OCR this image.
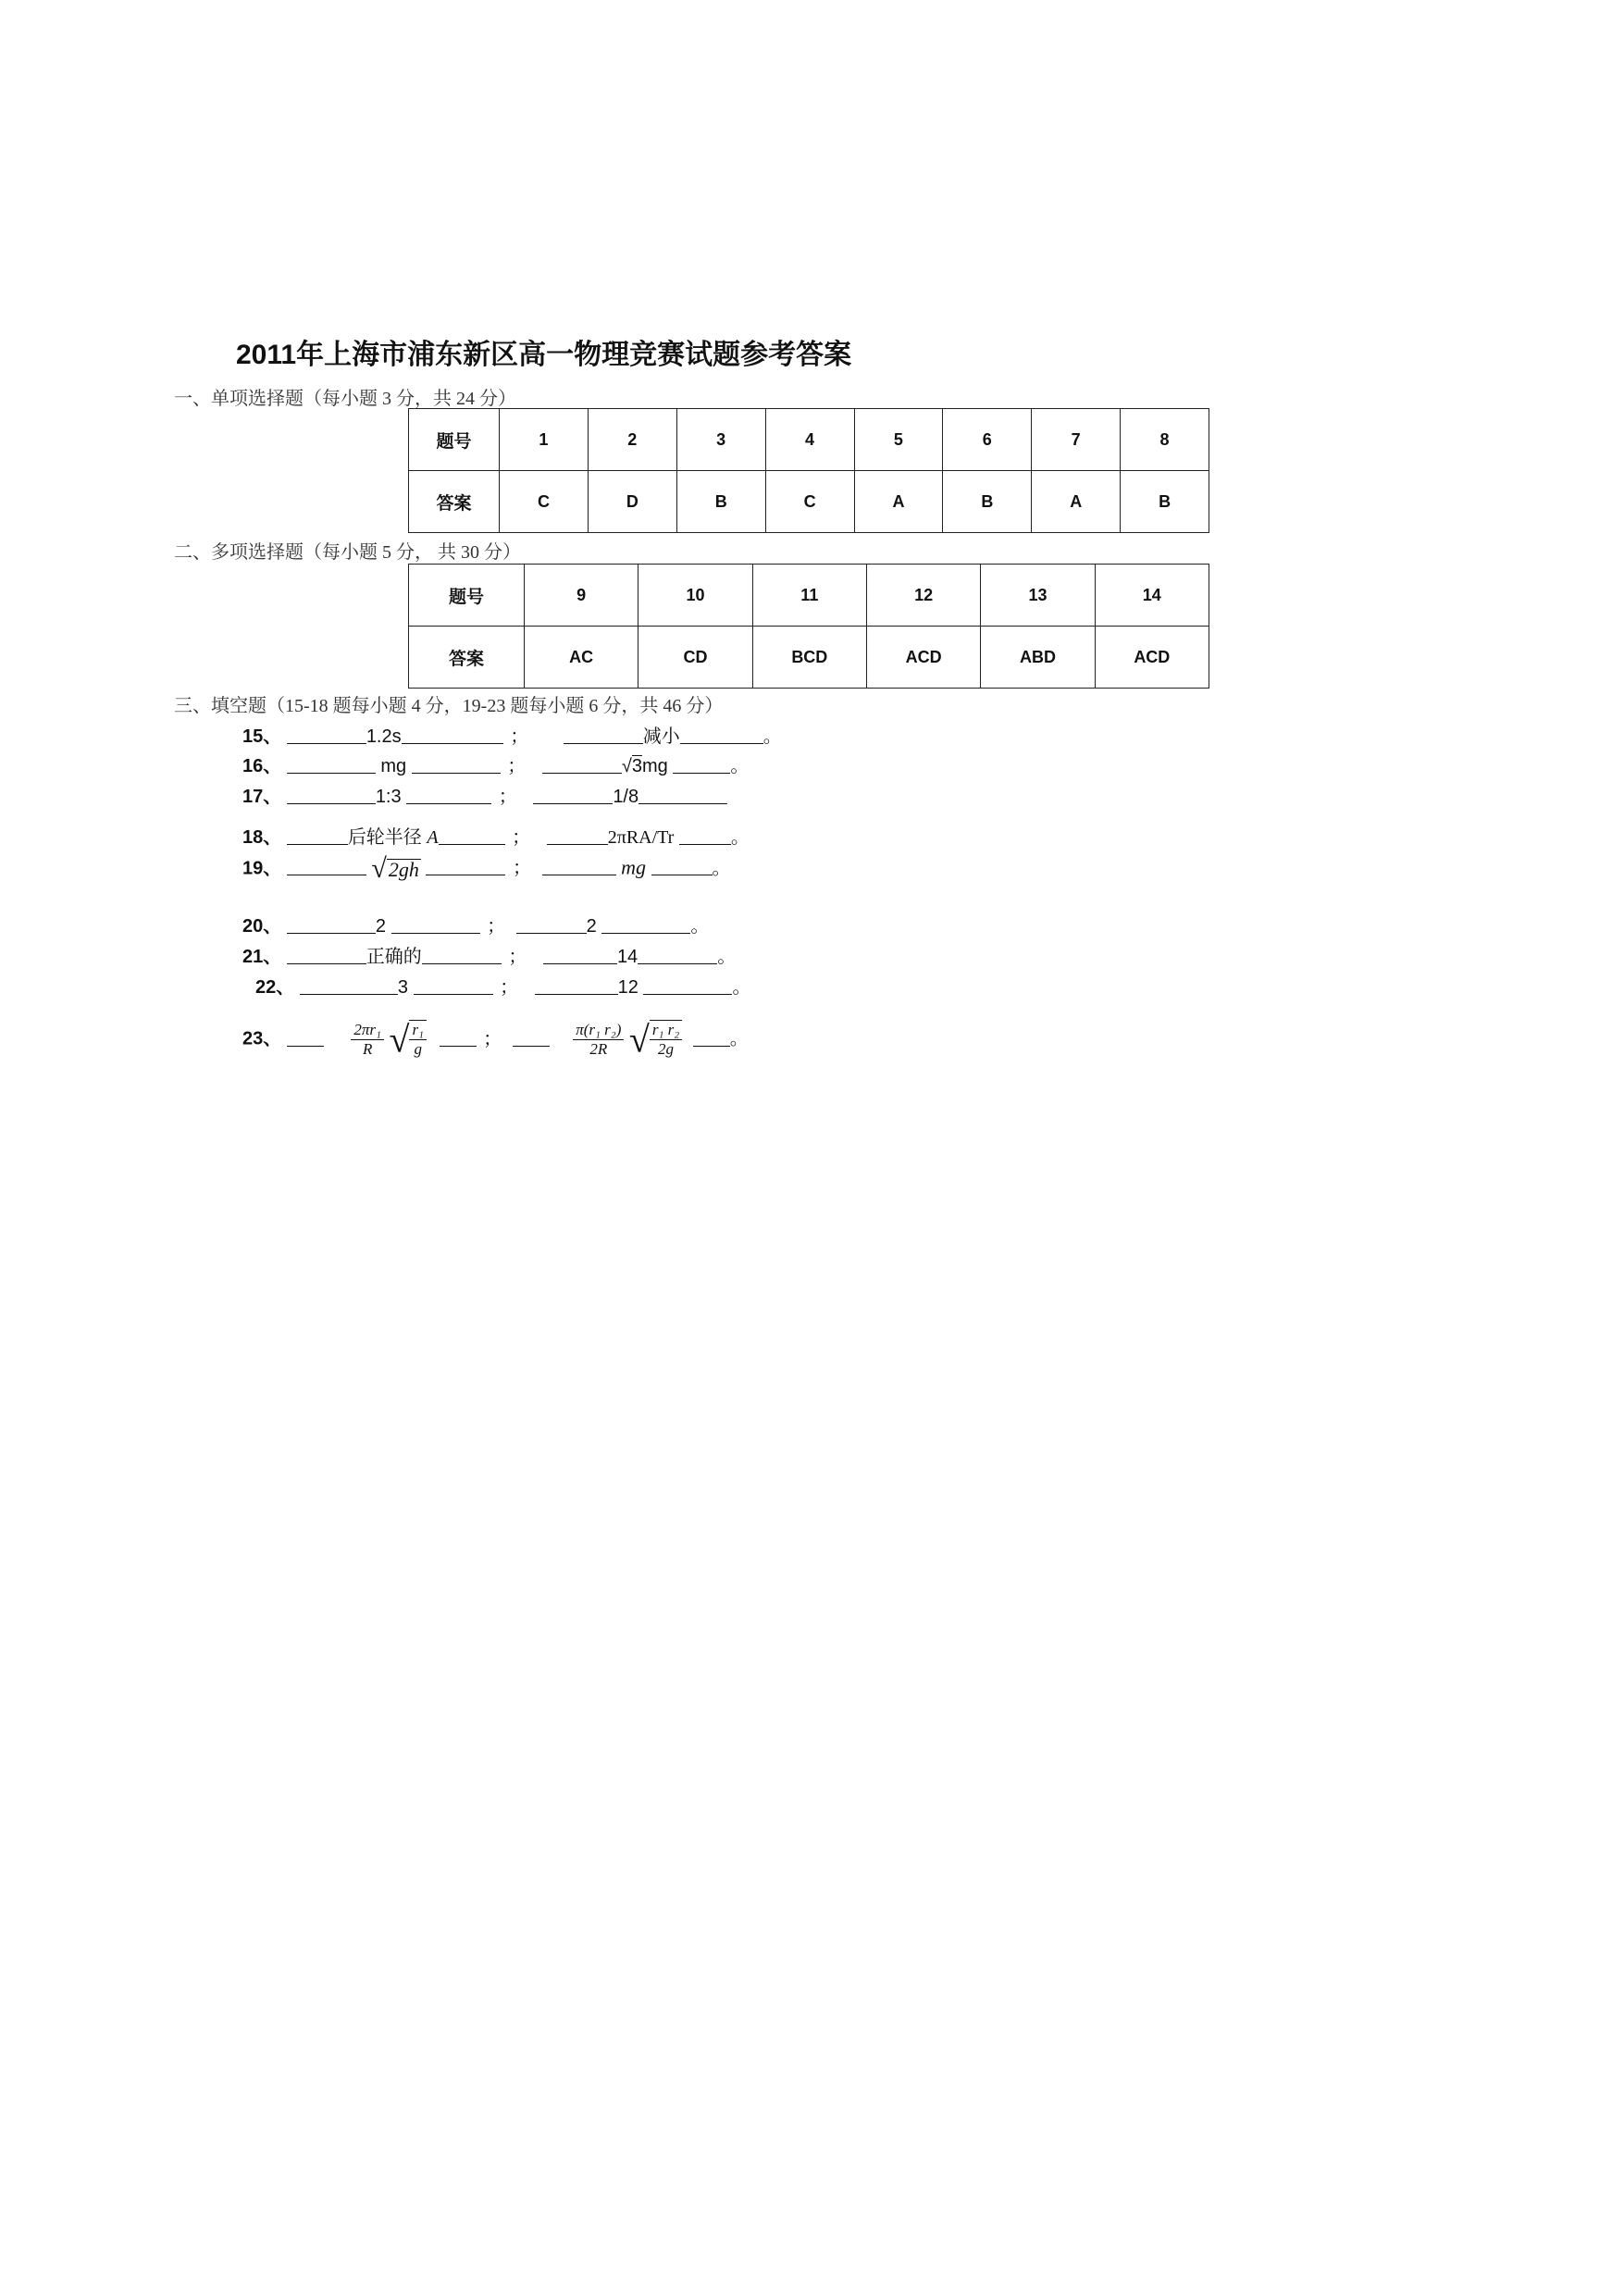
2011年上海市浦东新区高一物理竞赛试题参考答案
一、单项选择题（每小题 3 分，共 24 分）
题号	1	2	3	4	5	6	7	8
答案	C	D	B	C	A	B	A	B
二、多项选择题（每小题 5 分， 共 30 分）
题号	9	10	11	12	13	14
答案	AC	CD	BCD	ACD	ABD	ACD
三、填空题（15-18 题每小题 4 分，19-23 题每小题 6 分，共 46 分）
15、	1.2s	；	减小	。
16、	mg	；	√3mg	。
17、	1:3	；	1/8
18、	后轮半径 A	；	2πRA/Tr	。
19、	√2gh	；	mg	。
20、	2	；	2	。
21、	正确的	；	14	。
22、	3	；	12	。
23、	$\frac{\text{2πr₁}}{R}$ √ $\frac{\text{r₁}}{g}$	；	$\frac{\text{π(r₁ r₂)}}{2R}$ √ $\frac{\text{r₁ r₂}}{2g}$	。
